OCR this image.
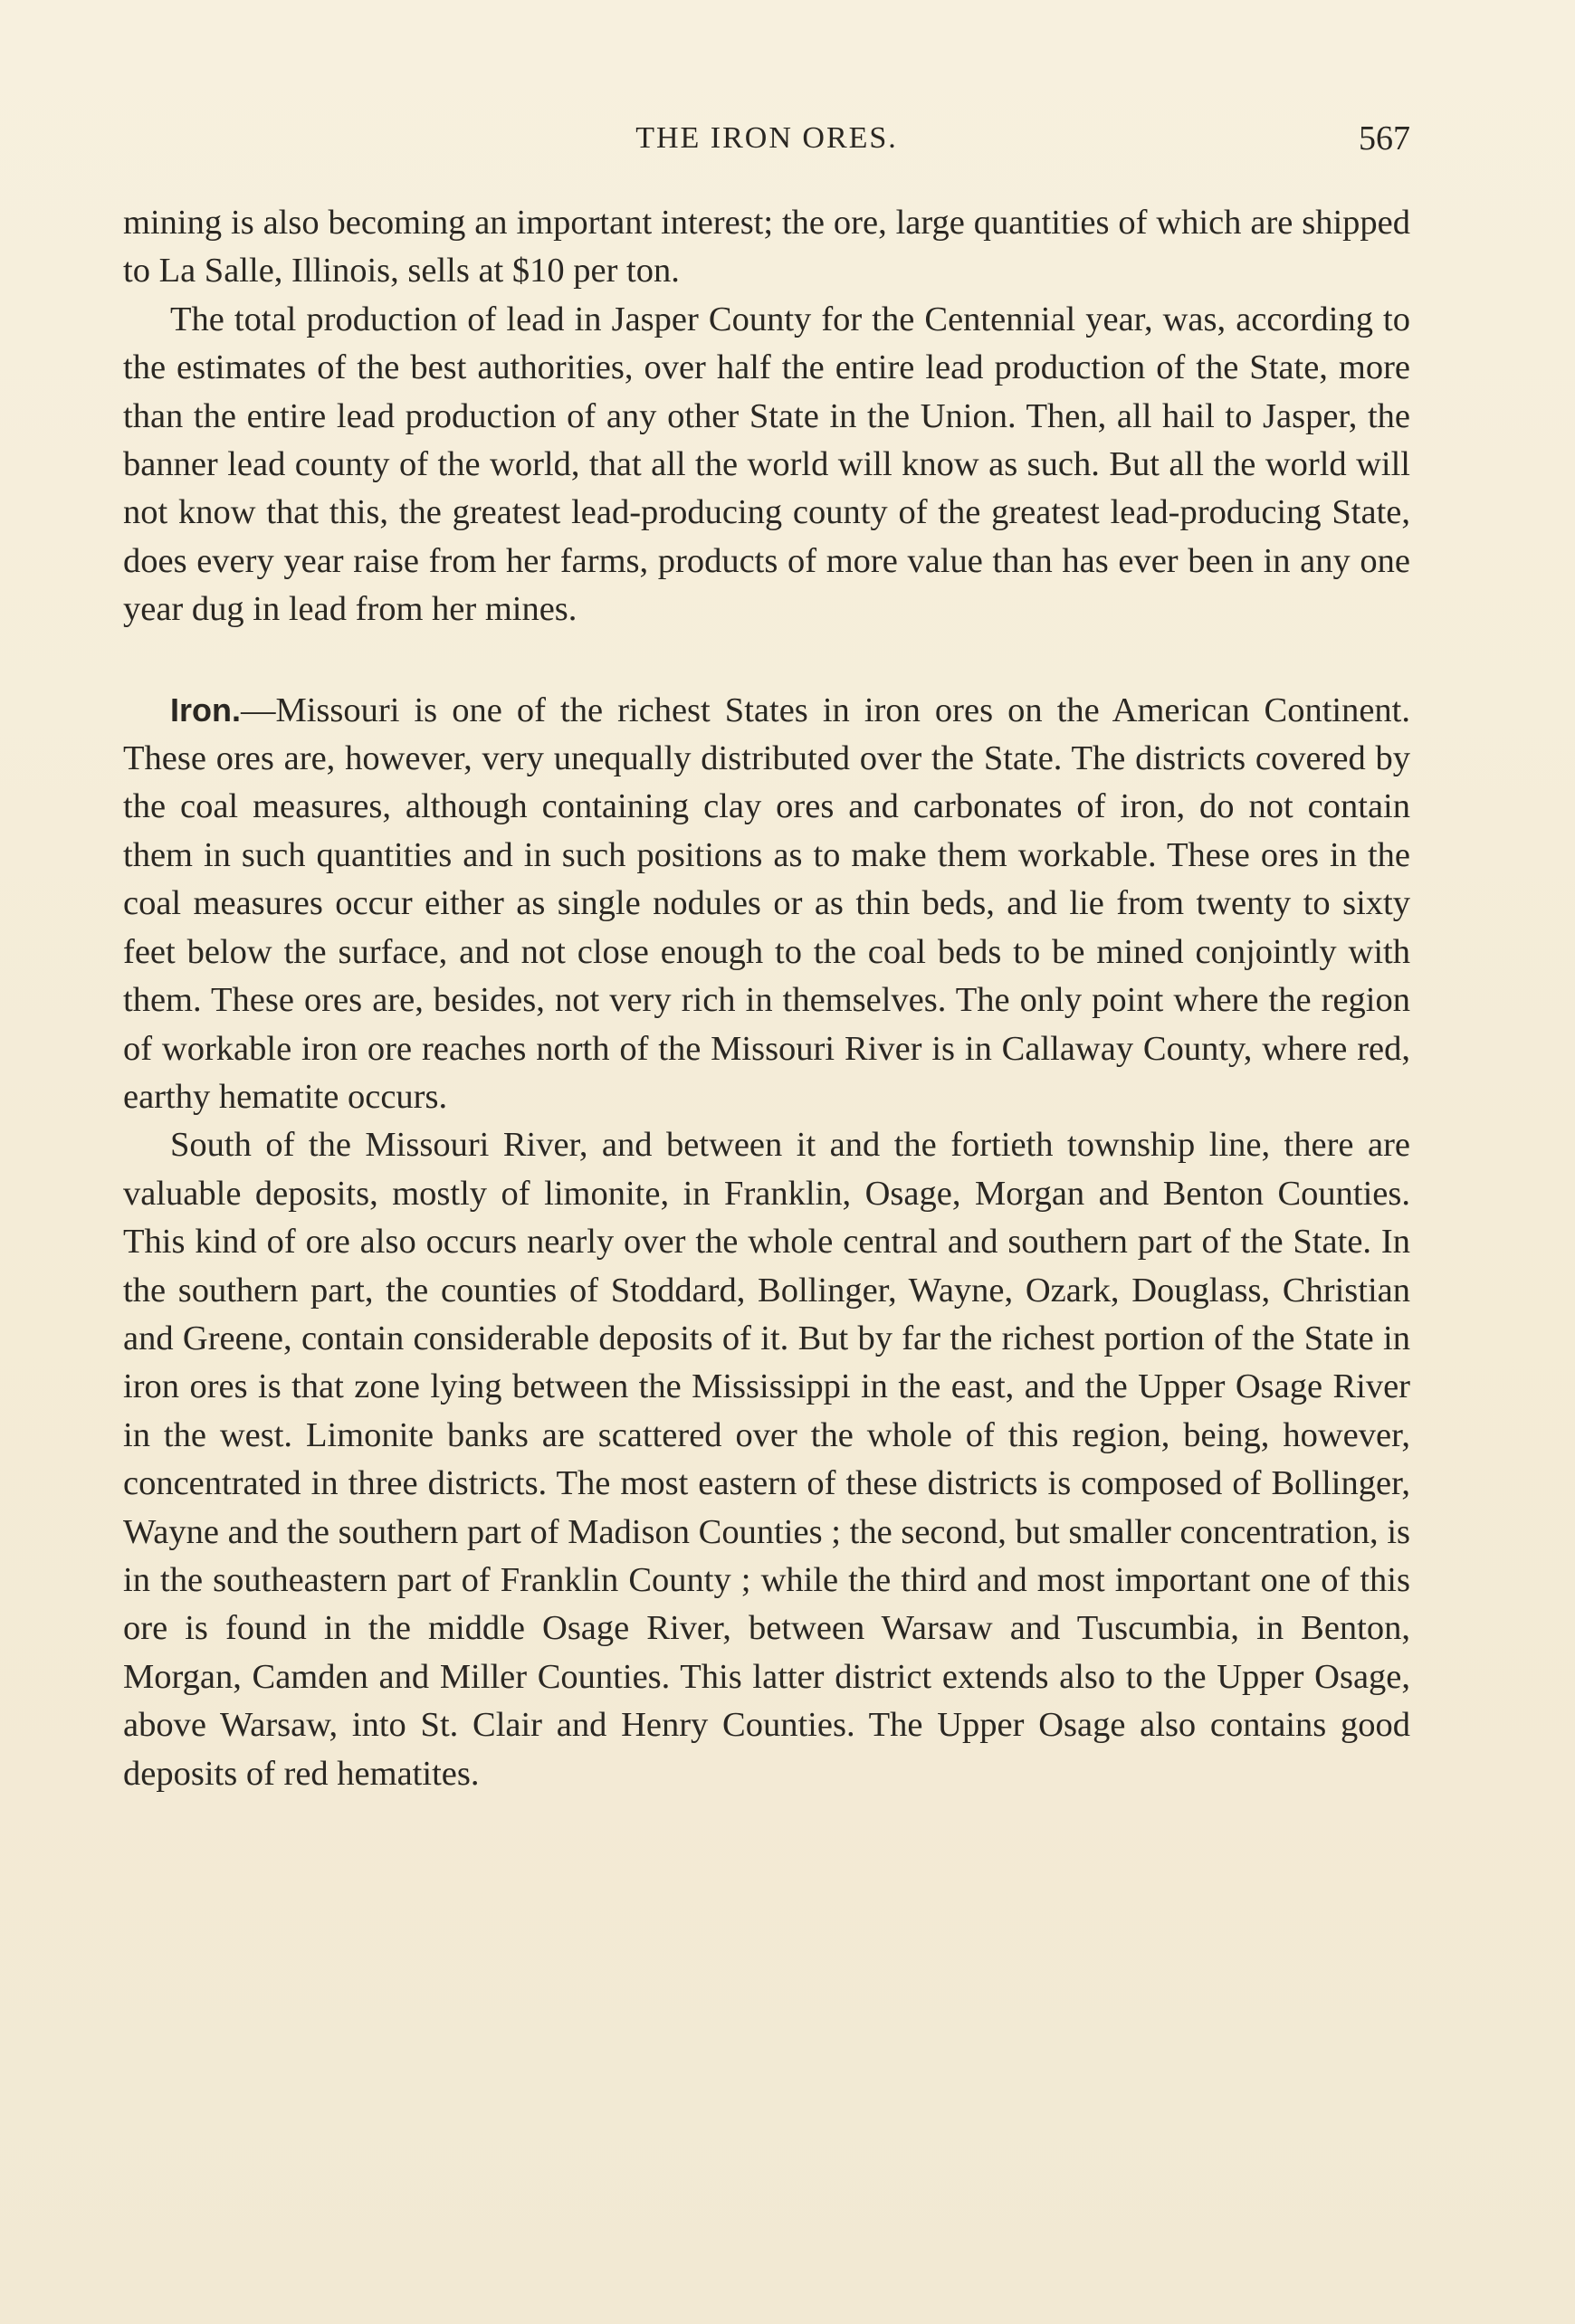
THE IRON ORES.	567

mining is also becoming an important interest; the ore, large quantities of which are shipped to La Salle, Illinois, sells at $10 per ton.

The total production of lead in Jasper County for the Centennial year, was, according to the estimates of the best authorities, over half the entire lead production of the State, more than the entire lead production of any other State in the Union. Then, all hail to Jasper, the banner lead county of the world, that all the world will know as such. But all the world will not know that this, the greatest lead-producing county of the greatest lead-producing State, does every year raise from her farms, products of more value than has ever been in any one year dug in lead from her mines.

Iron.—Missouri is one of the richest States in iron ores on the American Continent. These ores are, however, very unequally distributed over the State. The districts covered by the coal measures, although containing clay ores and carbonates of iron, do not contain them in such quantities and in such positions as to make them workable. These ores in the coal measures occur either as single nodules or as thin beds, and lie from twenty to sixty feet below the surface, and not close enough to the coal beds to be mined conjointly with them. These ores are, besides, not very rich in themselves. The only point where the region of workable iron ore reaches north of the Missouri River is in Callaway County, where red, earthy hematite occurs.

South of the Missouri River, and between it and the fortieth township line, there are valuable deposits, mostly of limonite, in Franklin, Osage, Morgan and Benton Counties. This kind of ore also occurs nearly over the whole central and southern part of the State. In the southern part, the counties of Stoddard, Bollinger, Wayne, Ozark, Douglass, Christian and Greene, contain considerable deposits of it. But by far the richest portion of the State in iron ores is that zone lying between the Mississippi in the east, and the Upper Osage River in the west. Limonite banks are scattered over the whole of this region, being, however, concentrated in three districts. The most eastern of these districts is composed of Bollinger, Wayne and the southern part of Madison Counties ; the second, but smaller concentration, is in the southeastern part of Franklin County ; while the third and most important one of this ore is found in the middle Osage River, between Warsaw and Tuscumbia, in Benton, Morgan, Camden and Miller Counties. This latter district extends also to the Upper Osage, above Warsaw, into St. Clair and Henry Counties. The Upper Osage also contains good deposits of red hematites.
